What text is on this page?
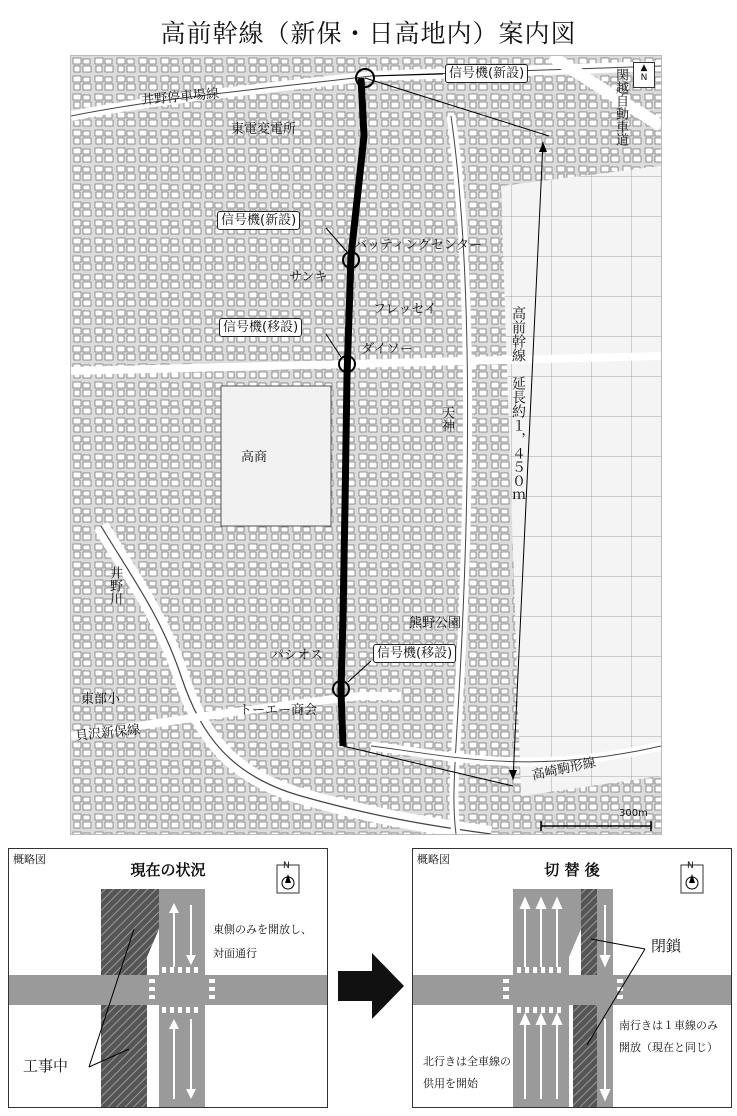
高前幹線（新保・日高地内）案内図
井野停車場線	関越自動車道	▲
N
東電変電所
信号機(新設)
信号機(新設)
バッティングセンター
サンキ
フレッセイ
信号機(移設)
ダイソー
高商	高前幹線　延長約１，４５０ｍ
天神
井野川
熊野公園
パシオス	信号機(移設)
東部小
貝沢新保線
トーエー商会
高崎駒形線
300m
概略図
現在の状況
東側のみを開放し、
対面通行
工事中
N	概略図
切 替 後
閉鎖
南行きは１車線のみ
開放（現在と同じ）
北行きは全車線の
供用を開始
N
